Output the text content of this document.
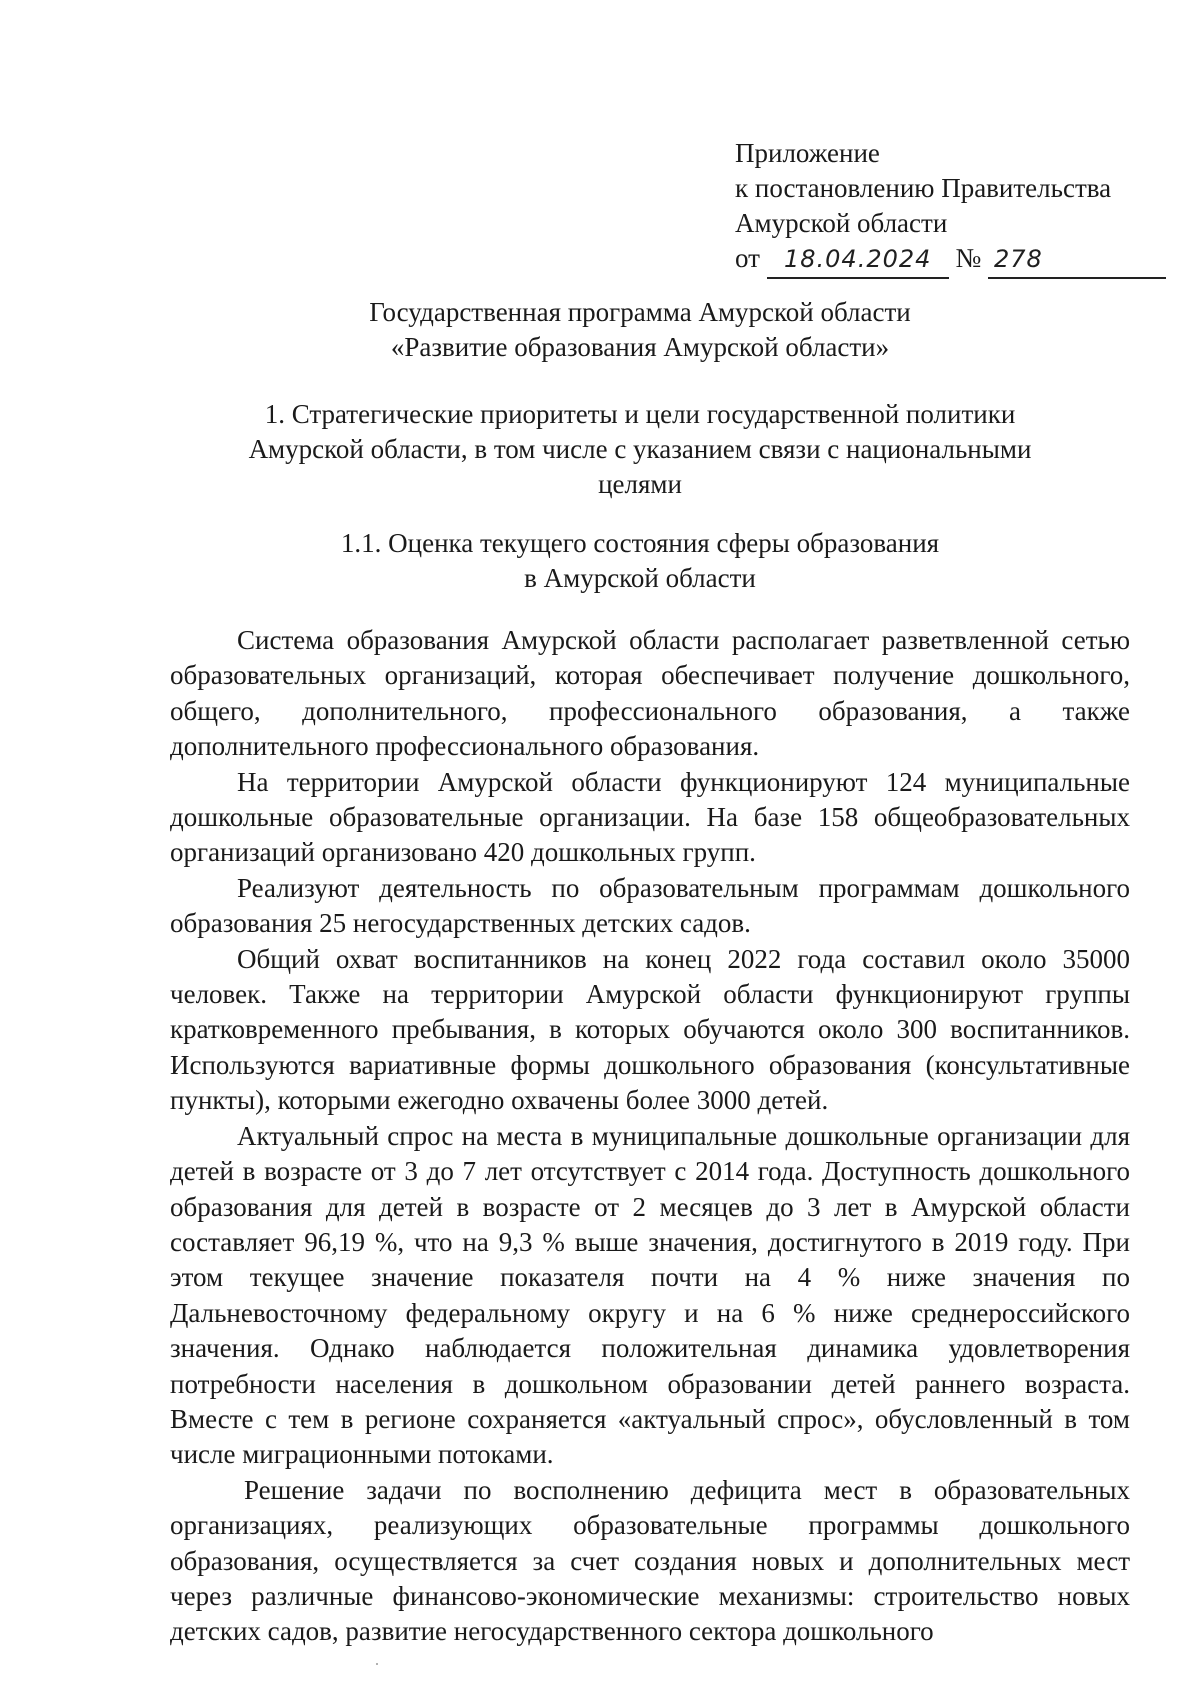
Приложение
к постановлению Правительства
Амурской области
от 18.04.2024 № 278
Государственная программа Амурской области
«Развитие образования Амурской области»
1. Стратегические приоритеты и цели государственной политики
Амурской области, в том числе с указанием связи с национальными
целями
1.1. Оценка текущего состояния сферы образования
в Амурской области

Система образования Амурской области располагает разветвленной сетью образовательных организаций, которая обеспечивает получение дошкольного, общего, дополнительного, профессионального образования, а также дополнительного профессионального образования.

На территории Амурской области функционируют 124 муниципальные дошкольные образовательные организации. На базе 158 общеобразовательных организаций организовано 420 дошкольных групп.

Реализуют деятельность по образовательным программам дошкольного образования 25 негосударственных детских садов.

Общий охват воспитанников на конец 2022 года составил около 35000 человек. Также на территории Амурской области функционируют группы кратковременного пребывания, в которых обучаются около 300 воспитанников. Используются вариативные формы дошкольного образования (консультативные пункты), которыми ежегодно охвачены более 3000 детей.

Актуальный спрос на места в муниципальные дошкольные организации для детей в возрасте от 3 до 7 лет отсутствует с 2014 года. Доступность дошкольного образования для детей в возрасте от 2 месяцев до 3 лет в Амурской области составляет 96,19 %, что на 9,3 % выше значения, достигнутого в 2019 году. При этом текущее значение показателя почти на 4 % ниже значения по Дальневосточному федеральному округу и на 6 % ниже среднероссийского значения. Однако наблюдается положительная динамика удовлетворения потребности населения в дошкольном образовании детей раннего возраста. Вместе с тем в регионе сохраняется «актуальный спрос», обусловленный в том числе миграционными потоками.

Решение задачи по восполнению дефицита мест в образовательных организациях, реализующих образовательные программы дошкольного образования, осуществляется за счет создания новых и дополнительных мест через различные финансово-экономические механизмы: строительство новых детских садов, развитие негосударственного сектора дошкольного
